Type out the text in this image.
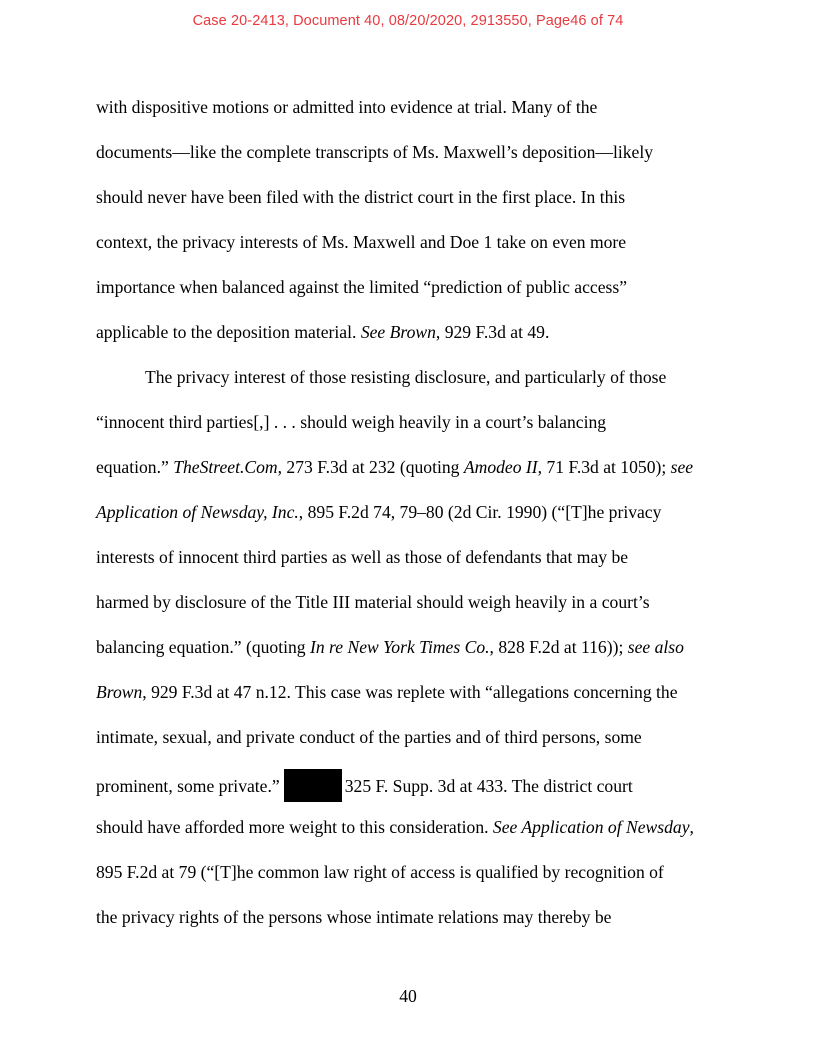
Case 20-2413, Document 40, 08/20/2020, 2913550, Page46 of 74
with dispositive motions or admitted into evidence at trial. Many of the
documents—like the complete transcripts of Ms. Maxwell’s deposition—likely
should never have been filed with the district court in the first place. In this
context, the privacy interests of Ms. Maxwell and Doe 1 take on even more
importance when balanced against the limited “prediction of public access”
applicable to the deposition material. See Brown, 929 F.3d at 49.
The privacy interest of those resisting disclosure, and particularly of those
“innocent third parties[,] . . . should weigh heavily in a court’s balancing
equation.” TheStreet.Com, 273 F.3d at 232 (quoting Amodeo II, 71 F.3d at 1050); see
Application of Newsday, Inc., 895 F.2d 74, 79–80 (2d Cir. 1990) (“[T]he privacy
interests of innocent third parties as well as those of defendants that may be
harmed by disclosure of the Title III material should weigh heavily in a court’s
balancing equation.” (quoting In re New York Times Co., 828 F.2d at 116)); see also
Brown, 929 F.3d at 47 n.12. This case was replete with “allegations concerning the
intimate, sexual, and private conduct of the parties and of third persons, some
prominent, some private.”	325 F. Supp. 3d at 433. The district court
should have afforded more weight to this consideration. See Application of Newsday,
895 F.2d at 79 (“[T]he common law right of access is qualified by recognition of
the privacy rights of the persons whose intimate relations may thereby be
40
